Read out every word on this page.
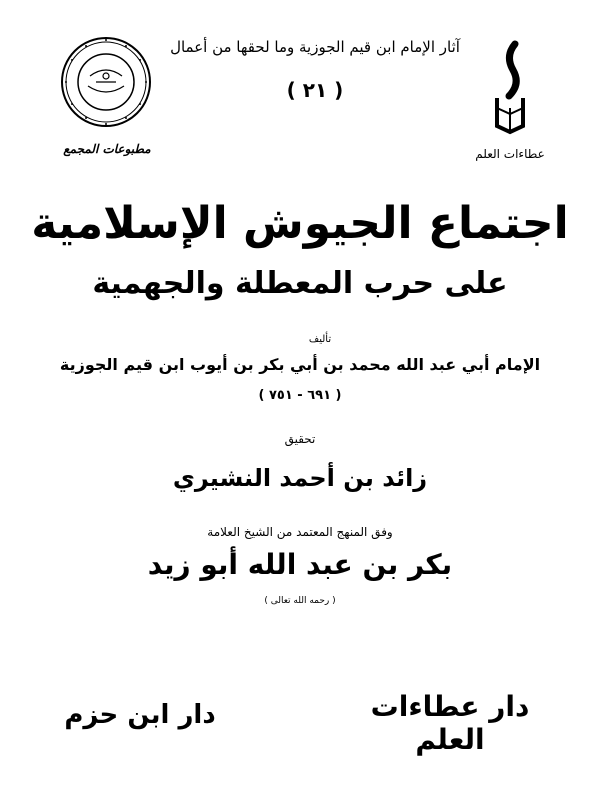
آثار الإمام ابن قيم الجوزية وما لحقها من أعمال
( ٢١ )
مطبوعات المجمع	عطاءات العلم
اجتماع الجيوش الإسلامية
على حرب المعطلة والجهمية
تأليف
الإمام أبي عبد الله محمد بن أبي بكر بن أيوب ابن قيم الجوزية
( ٦٩١ - ٧٥١ )
تحقيق
زائد بن أحمد النشيري
وفق المنهج المعتمد من الشيخ العلامة
بكر بن عبد الله أبو زيد
( رحمه الله تعالى )
دار ابن حزم	دار عطاءات العلم
